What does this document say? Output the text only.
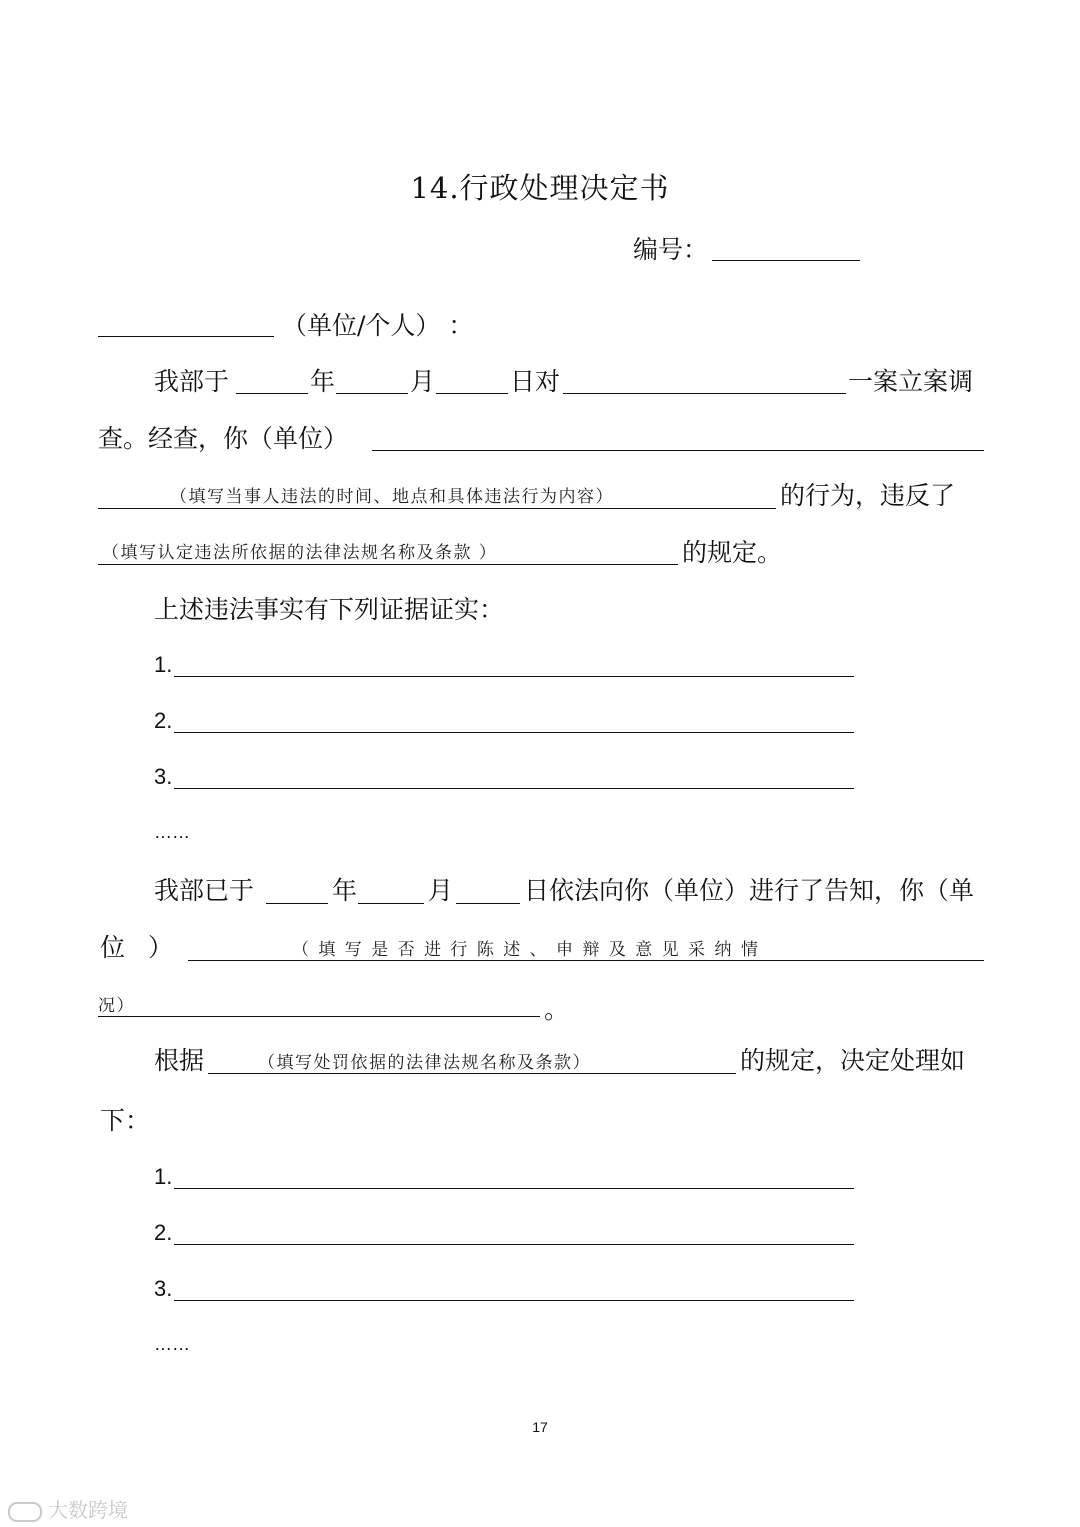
14.行政处理决定书
编号：
（单位/个人） ：
我部于	年	月	日对	一案立案调
查。经查，你（单位）
（填写当事人违法的时间、地点和具体违法行为内容）	的行为，违反了
（填写认定违法所依据的法律法规名称及条款 ）	的规定。
上述违法事实有下列证据证实：
1.
2.
3.
……
我部已于	年	月	日依法向你（单位）进行了告知，你（单
位 ）	（ 填 写 是 否 进 行 陈 述 、 申 辩 及 意 见 采 纳 情
况）	。
根据	（填写处罚依据的法律法规名称及条款）	的规定，决定处理如
下：
1.
2.
3.
……
17
大数跨境
